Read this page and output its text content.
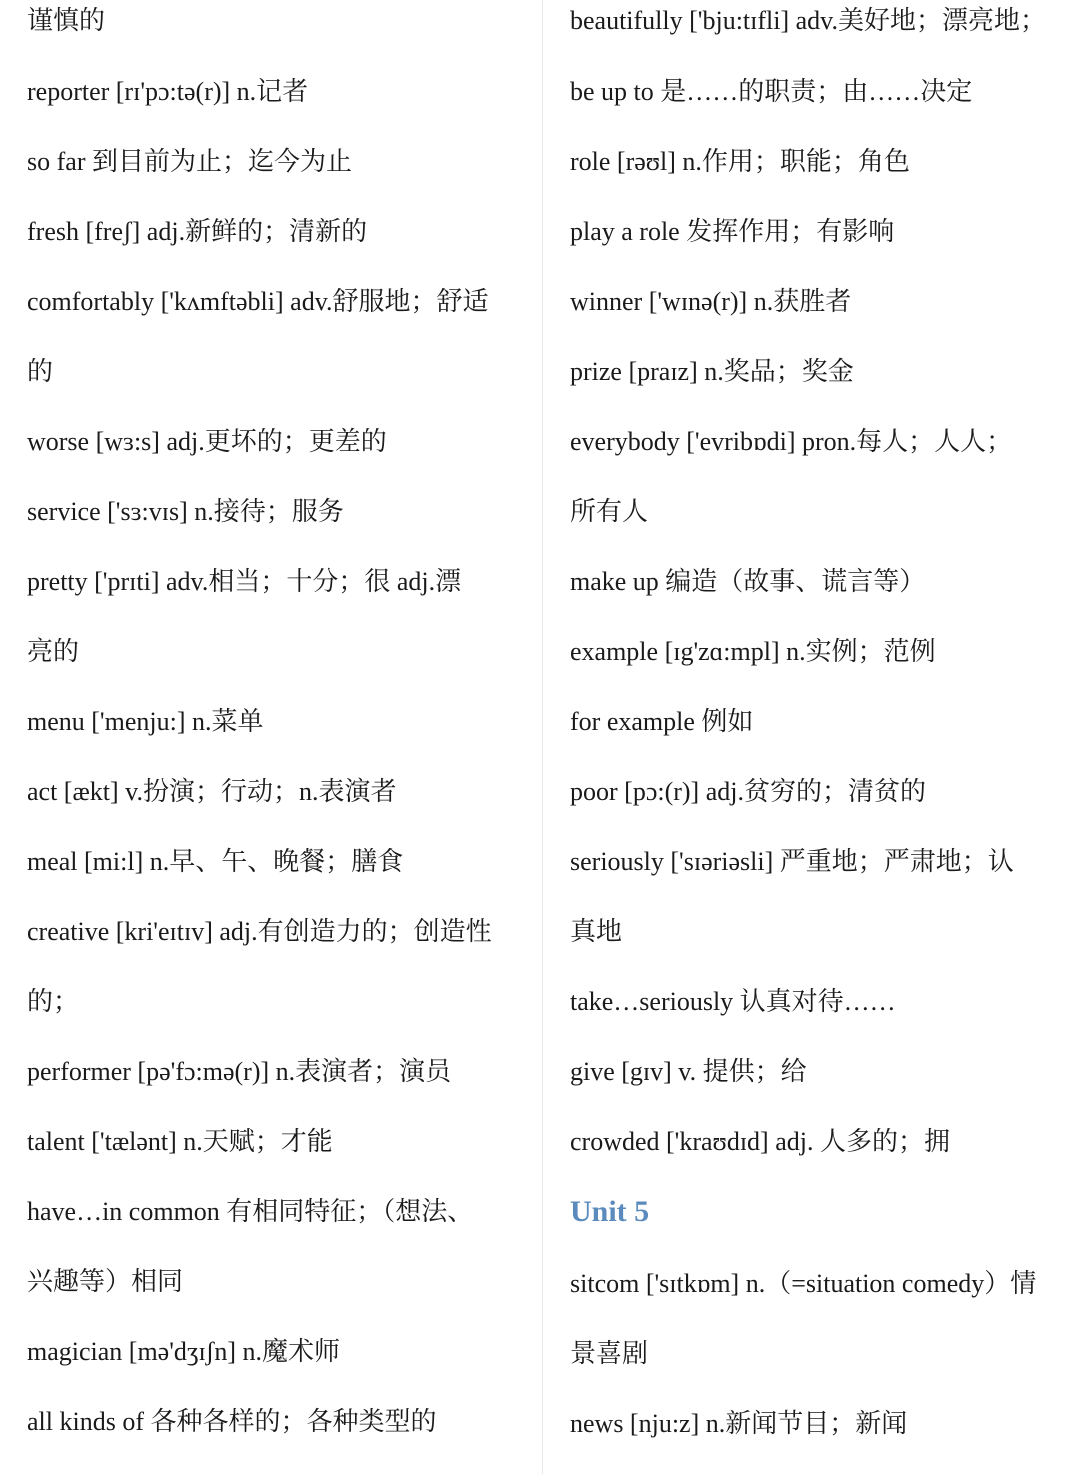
谨慎的
reporter [rɪ'pɔ:tə(r)] n.记者
so far 到目前为止；迄今为止
fresh [freʃ] adj.新鲜的；清新的
comfortably ['kʌmftəbli] adv.舒服地；舒适
的
worse [wɜ:s] adj.更坏的；更差的
service ['sɜ:vɪs] n.接待；服务
pretty ['prɪti] adv.相当；十分；很 adj.漂
亮的
menu ['menju:] n.菜单
act [ækt] v.扮演；行动；n.表演者
meal [mi:l] n.早、午、晚餐；膳食
creative [kri'eɪtɪv] adj.有创造力的；创造性
的；
performer [pə'fɔ:mə(r)] n.表演者；演员
talent ['tælənt] n.天赋；才能
have…in common 有相同特征；（想法、
兴趣等）相同
magician [mə'dʒɪʃn] n.魔术师
all kinds of 各种各样的；各种类型的
beautifully ['bju:tɪfli] adv.美好地；漂亮地；
be up to 是……的职责；由……决定
role [rəʊl] n.作用；职能；角色
play a role 发挥作用；有影响
winner ['wɪnə(r)] n.获胜者
prize [praɪz] n.奖品；奖金
everybody ['evribɒdi] pron.每人；人人；
所有人
make up 编造（故事、谎言等）
example [ɪg'zɑ:mpl] n.实例；范例
for example 例如
poor [pɔ:(r)] adj.贫穷的；清贫的
seriously ['sɪəriəsli] 严重地；严肃地；认
真地
take…seriously 认真对待……
give [gɪv] v. 提供；给
crowded ['kraʊdɪd] adj. 人多的；拥
Unit 5
sitcom ['sɪtkɒm] n.（=situation comedy）情
景喜剧
news [nju:z] n.新闻节目；新闻
